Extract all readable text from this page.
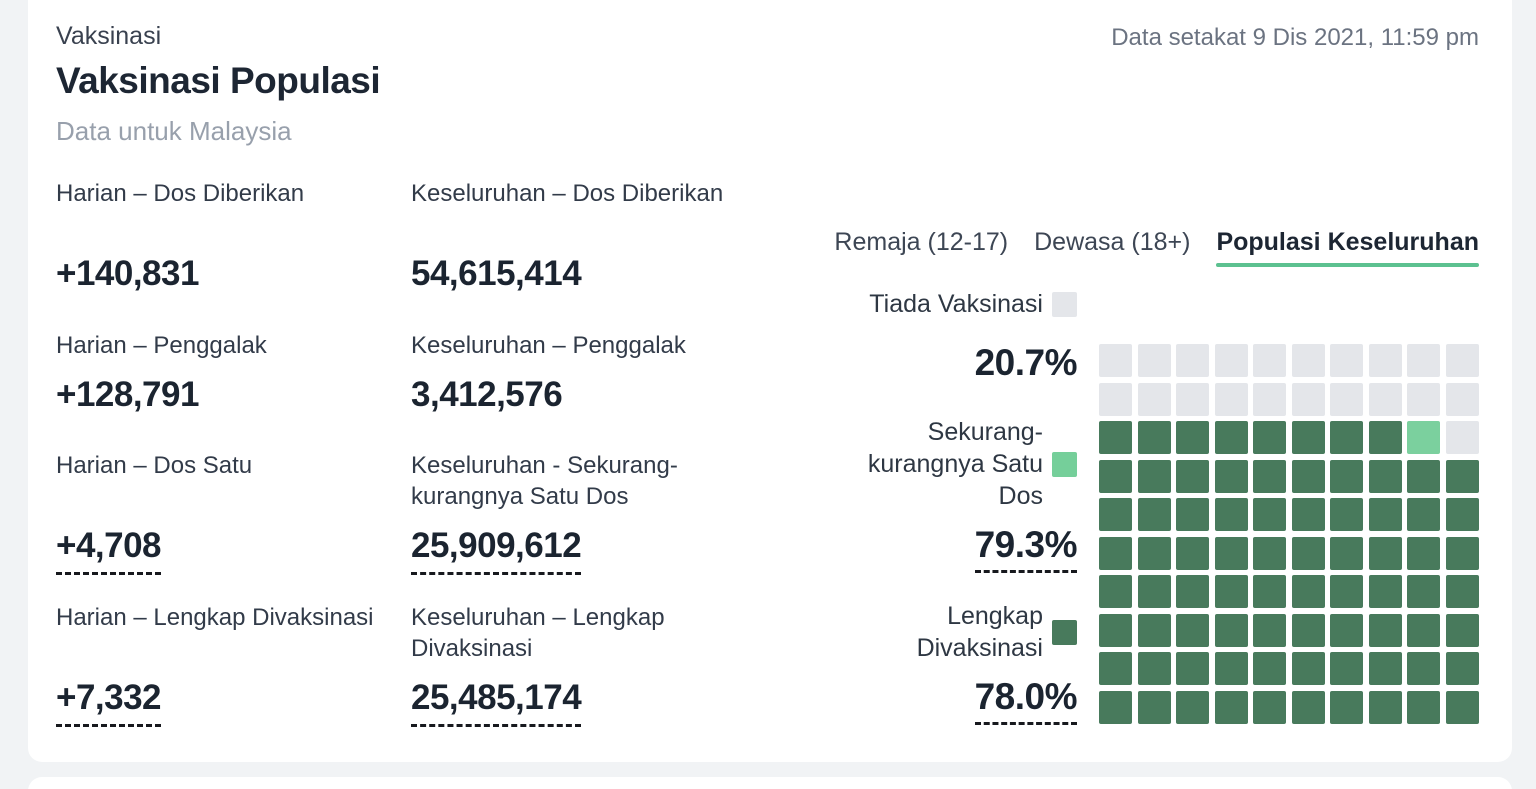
Vaksinasi
Vaksinasi Populasi
Data untuk Malaysia
Data setakat 9 Dis 2021, 11:59 pm
Harian – Dos Diberikan
+140,831
Keseluruhan – Dos Diberikan
54,615,414
Harian – Penggalak
+128,791
Keseluruhan – Penggalak
3,412,576
Harian – Dos Satu
+4,708
Keseluruhan - Sekurang-kurangnya Satu Dos
25,909,612
Harian – Lengkap Divaksinasi
+7,332
Keseluruhan – Lengkap Divaksinasi
25,485,174
Remaja (12-17) Dewasa (18+) Populasi Keseluruhan
Tiada Vaksinasi
20.7%
Sekurang-kurangnya Satu Dos
79.3%
Lengkap Divaksinasi
78.0%
